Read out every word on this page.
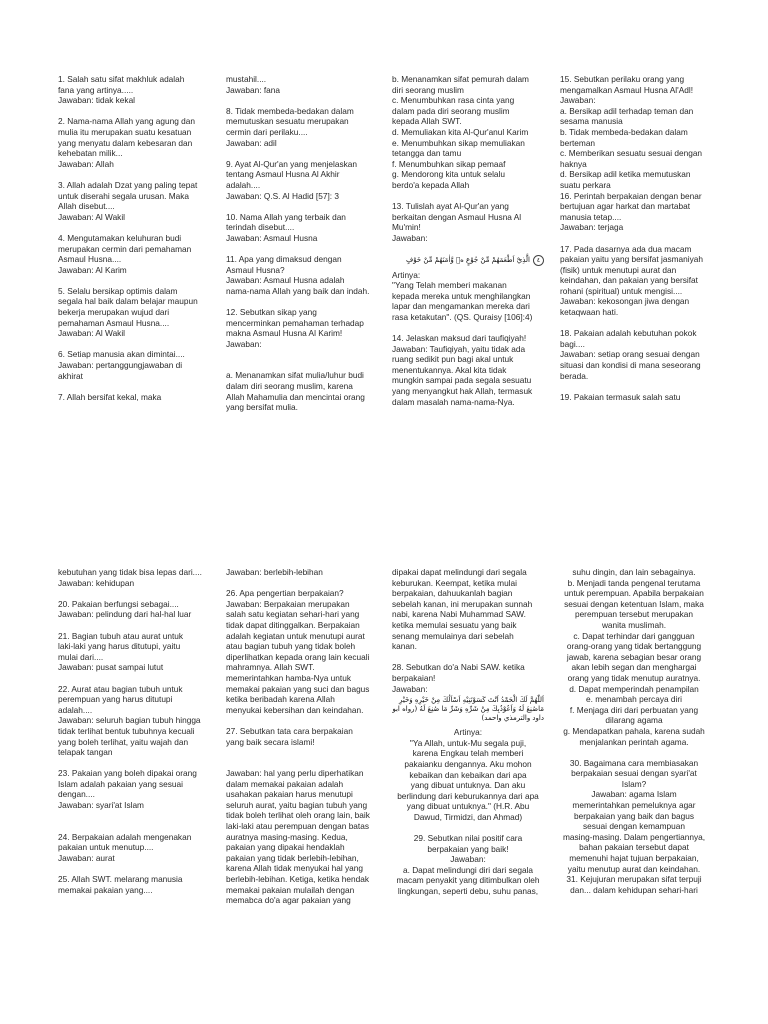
1. Salah satu sifat makhluk adalah
fana yang artinya.....
Jawaban: tidak kekal

2. Nama-nama Allah yang agung dan
mulia itu merupakan suatu kesatuan
yang menyatu dalam kebesaran dan
kehebatan milik...
Jawaban: Allah

3. Allah adalah Dzat yang paling tepat
untuk diserahi segala urusan. Maka
Allah disebut....
Jawaban: Al Wakil

4. Mengutamakan keluhuran budi
merupakan cermin dari pemahaman
Asmaul Husna....
Jawaban: Al Karim

5. Selalu bersikap optimis dalam
segala hal baik dalam belajar maupun
bekerja merupakan wujud dari
pemahaman Asmaul Husna....
Jawaban: Al Wakil

6. Setiap manusia akan dimintai....
Jawaban: pertanggungjawaban di
akhirat

7. Allah bersifat kekal, maka

mustahil....
Jawaban: fana

8. Tidak membeda-bedakan dalam
memutuskan sesuatu merupakan
cermin dari perilaku....
Jawaban: adil

9. Ayat Al-Qur'an yang menjelaskan
tentang Asmaul Husna Al Akhir
adalah....
Jawaban: Q.S. Al Hadid [57]: 3

10. Nama Allah yang terbaik dan
terindah disebut....
Jawaban: Asmaul Husna

11. Apa yang dimaksud dengan
Asmaul Husna?
Jawaban: Asmaul Husna adalah
nama-nama Allah yang baik dan indah.

12. Sebutkan sikap yang
mencerminkan pemahaman terhadap
makna Asmaul Husna Al Karim!
Jawaban:

a. Menanamkan sifat mulia/luhur budi
dalam diri seorang muslim, karena
Allah Mahamulia dan mencintai orang
yang bersifat mulia.

b. Menanamkan sifat pemurah dalam
diri seorang muslim
c. Menumbuhkan rasa cinta yang
dalam pada diri seorang muslim
kepada Allah SWT.
d. Memuliakan kita Al-Qur'anul Karim
e. Menumbuhkan sikap memuliakan
tetangga dan tamu
f. Menumbuhkan sikap pemaaf
g. Mendorong kita untuk selalu
berdo'a kepada Allah

13. Tulislah ayat Al-Qur'an yang
berkaitan dengan Asmaul Husna Al
Mu'min!
Jawaban:

٤الَّذِيْٓ اَطْعَمَهُمْ مِّنْ جُوْعٍ ەۙ وَّاٰمَنَهُمْ مِّنْ خَوْفٍ

Artinya:
"Yang Telah memberi makanan
kepada mereka untuk menghilangkan
lapar dan mengamankan mereka dari
rasa ketakutan". (QS. Quraisy [106]:4)

14. Jelaskan maksud dari taufiqiyah!
Jawaban: Taufiqiyah, yaitu tidak ada
ruang sedikit pun bagi akal untuk
menentukannya. Akal kita tidak
mungkin sampai pada segala sesuatu
yang menyangkut hak Allah, termasuk
dalam masalah nama-nama-Nya.

15. Sebutkan perilaku orang yang
mengamalkan Asmaul Husna Al'Adl!
Jawaban:
a. Bersikap adil terhadap teman dan
sesama manusia
b. Tidak membeda-bedakan dalam
berteman
c. Memberikan sesuatu sesuai dengan
haknya
d. Bersikap adil ketika memutuskan
suatu perkara
16. Perintah berpakaian dengan benar
bertujuan agar harkat dan martabat
manusia tetap....
Jawaban: terjaga

17. Pada dasarnya ada dua macam
pakaian yaitu yang bersifat jasmaniyah
(fisik) untuk menutupi aurat dan
keindahan, dan pakaian yang bersifat
rohani (spiritual) untuk mengisi....
Jawaban: kekosongan jiwa dengan
ketaqwaan hati.

18. Pakaian adalah kebutuhan pokok
bagi....
Jawaban: setiap orang sesuai dengan
situasi dan kondisi di mana seseorang
berada.

19. Pakaian termasuk salah satu

kebutuhan yang tidak bisa lepas dari....
Jawaban: kehidupan

20. Pakaian berfungsi sebagai....
Jawaban: pelindung dari hal-hal luar

21. Bagian tubuh atau aurat untuk
laki-laki yang harus ditutupi, yaitu
mulai dari....
Jawaban: pusat sampai lutut

22. Aurat atau bagian tubuh untuk
perempuan yang harus ditutupi
adalah....
Jawaban: seluruh bagian tubuh hingga
tidak terlihat bentuk tubuhnya kecuali
yang boleh terlihat, yaitu wajah dan
telapak tangan

23. Pakaian yang boleh dipakai orang
Islam adalah pakaian yang sesuai
dengan....
Jawaban: syari'at Islam

24. Berpakaian adalah mengenakan
pakaian untuk menutup....
Jawaban: aurat

25. Allah SWT. melarang manusia
memakai pakaian yang....

Jawaban: berlebih-lebihan

26. Apa pengertian berpakaian?
Jawaban: Berpakaian merupakan
salah satu kegiatan sehari-hari yang
tidak dapat ditinggalkan. Berpakaian
adalah kegiatan untuk menutupi aurat
atau bagian tubuh yang tidak boleh
diperlihatkan kepada orang lain kecuali
mahramnya. Allah SWT.
memerintahkan hamba-Nya untuk
memakai pakaian yang suci dan bagus
ketika beribadah karena Allah
menyukai kebersihan dan keindahan.

27. Sebutkan tata cara berpakaian
yang baik secara islami!

Jawaban: hal yang perlu diperhatikan
dalam memakai pakaian adalah
usahakan pakaian harus menutupi
seluruh aurat, yaitu bagian tubuh yang
tidak boleh terlihat oleh orang lain, baik
laki-laki atau perempuan dengan batas
auratnya masing-masing. Kedua,
pakaian yang dipakai hendaklah
pakaian yang tidak berlebih-lebihan,
karena Allah tidak menyukai hal yang
berlebih-lebihan. Ketiga, ketika hendak
memakai pakaian mulailah dengan
memabca do'a agar pakaian yang

dipakai dapat melindungi dari segala
keburukan. Keempat, ketika mulai
berpakaian, dahuukanlah bagian
sebelah kanan, ini merupakan sunnah
nabi, karena Nabi Muhammad SAW.
ketika memulai sesuatu yang baik
senang memulainya dari sebelah
kanan.

28. Sebutkan do'a Nabi SAW. ketika
berpakaian!
Jawaban:

اَللّٰهُمَّ لَكَ الْحَمْدُ اَنْتَ كَسَوْتَنِيْهِ اَسْاَلُكَ مِنْ خَيْرِهِ وَخَيْرِ مَاصُنِعَ لَهُ وَاَعُوْذُبِكَ مِنْ شَرِّهِ وَشَرِّ مَا صُنِعَ لَهُ (رواه ابو داود والترمذي واحمد)

Artinya:
"Ya Allah, untuk-Mu segala puji,
karena Engkau telah memberi
pakaianku dengannya. Aku mohon
kebaikan dan kebaikan dari apa
yang dibuat untuknya. Dan aku
berlindung dari keburukannya dari apa
yang dibuat untuknya." (H.R. Abu
Dawud, Tirmidzi, dan Ahmad)

29. Sebutkan nilai positif cara
berpakaian yang baik!
Jawaban:
a. Dapat melindungi diri dari segala
macam penyakit yang ditimbulkan oleh
lingkungan, seperti debu, suhu panas,

suhu dingin, dan lain sebagainya.
b. Menjadi tanda pengenal terutama
untuk perempuan. Apabila berpakaian
sesuai dengan ketentuan Islam, maka
perempuan tersebut merupakan
wanita muslimah.
c. Dapat terhindar dari gangguan
orang-orang yang tidak bertanggung
jawab, karena sebagian besar orang
akan lebih segan dan menghargai
orang yang tidak menutup auratnya.
d. Dapat memperindah penampilan
e. menambah percaya diri
f. Menjaga diri dari perbuatan yang
dilarang agama
g. Mendapatkan pahala, karena sudah
menjalankan perintah agama.

30. Bagaimana cara membiasakan
berpakaian sesuai dengan syari'at
Islam?
Jawaban: agama Islam
memerintahkan pemeluknya agar
berpakaian yang baik dan bagus
sesuai dengan kemampuan
masing-masing. Dalam pengertiannya,
bahan pakaian tersebut dapat
memenuhi hajat tujuan berpakaian,
yaitu menutup aurat dan keindahan.
31. Kejujuran merupakan sifat terpuji
dan... dalam kehidupan sehari-hari
